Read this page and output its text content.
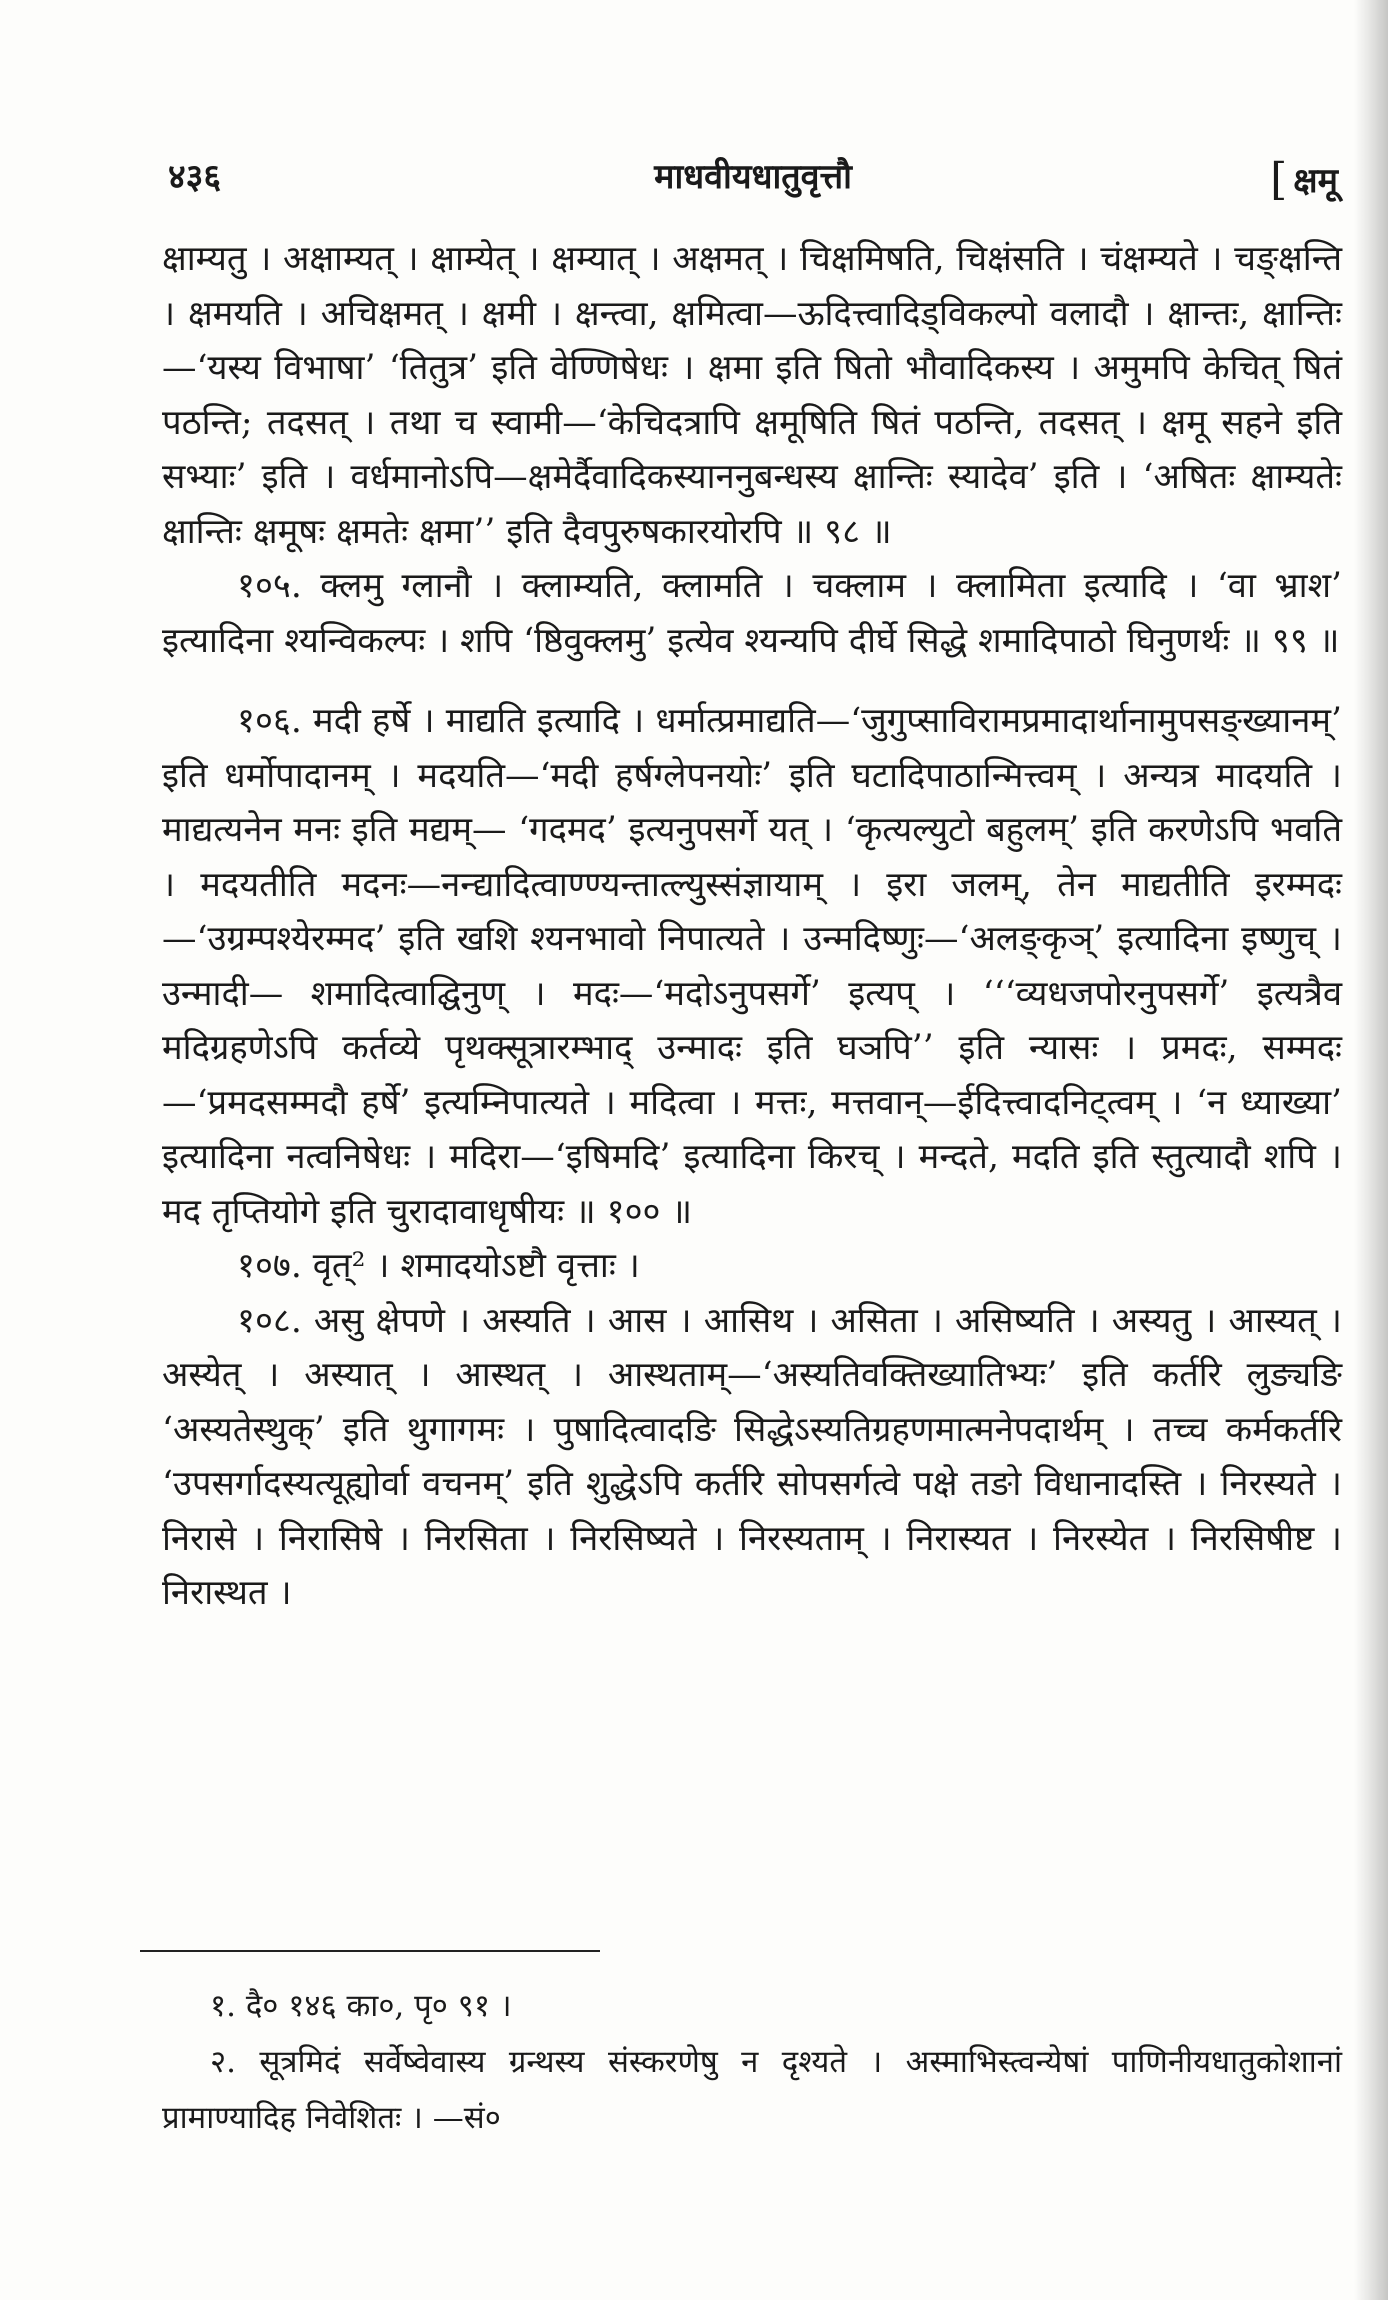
४३६	माधवीयधातुवृत्तौ	[ क्षमू

क्षाम्यतु । अक्षाम्यत् । क्षाम्येत् । क्षम्यात् । अक्षमत् । चिक्षमिषति, चिक्षंसति । चंक्षम्यते । चङ्क्षन्ति । क्षमयति । अचिक्षमत् । क्षमी । क्षन्त्वा, क्षमित्वा—ऊदित्त्वादिड्विकल्पो वलादौ । क्षान्तः, क्षान्तिः—‘यस्य विभाषा’ ‘तितुत्र’ इति वेण्णिषेधः । क्षमा इति षितो भौवादिकस्य । अमुमपि केचित् षितं पठन्ति; तदसत् । तथा च स्वामी—‘केचिदत्रापि क्षमूषिति षितं पठन्ति, तदसत् । क्षमू सहने इति सभ्याः’ इति । वर्धमानोऽपि—क्षमेर्दैवादिकस्याननुबन्धस्य क्षान्तिः स्यादेव’ इति । ‘अषितः क्षाम्यतेः क्षान्तिः क्षमूषः क्षमतेः क्षमा’’ इति दैवपुरुषकारयोरपि ॥ ९८ ॥

१०५. क्लमु ग्लानौ । क्लाम्यति, क्लामति । चक्लाम । क्लामिता इत्यादि । ‘वा भ्राश’ इत्यादिना श्यन्विकल्पः । शपि ‘ष्ठिवुक्लमु’ इत्येव श्यन्यपि दीर्घे सिद्धे शमादिपाठो घिनुणर्थः ॥ ९९ ॥

१०६. मदी हर्षे । माद्यति इत्यादि । धर्मात्प्रमाद्यति—‘जुगुप्साविरामप्रमादार्थानामुपसङ्ख्यानम्’ इति धर्मोपादानम् । मदयति—‘मदी हर्षग्लेपनयोः’ इति घटादिपाठान्मित्त्वम् । अन्यत्र मादयति । माद्यत्यनेन मनः इति मद्यम्— ‘गदमद’ इत्यनुपसर्गे यत् । ‘कृत्यल्युटो बहुलम्’ इति करणेऽपि भवति । मदयतीति मदनः—नन्द्यादित्वाण्ण्यन्तात्ल्युस्संज्ञायाम् । इरा जलम्, तेन माद्यतीति इरम्मदः—‘उग्रम्पश्येरम्मद’ इति खशि श्यनभावो निपात्यते । उन्मदिष्णुः—‘अलङ्कृञ्’ इत्यादिना इष्णुच् । उन्मादी— शमादित्वाद्घिनुण् । मदः—‘मदोऽनुपसर्गे’ इत्यप् । ‘‘‘व्यधजपोरनुपसर्गे’ इत्यत्रैव मदिग्रहणेऽपि कर्तव्ये पृथक्सूत्रारम्भाद् उन्मादः इति घञपि’’ इति न्यासः । प्रमदः, सम्मदः—‘प्रमदसम्मदौ हर्षे’ इत्यम्निपात्यते । मदित्वा । मत्तः, मत्तवान्—ईदित्त्वादनिट्त्वम् । ‘न ध्याख्या’ इत्यादिना नत्वनिषेधः । मदिरा—‘इषिमदि’ इत्यादिना किरच् । मन्दते, मदति इति स्तुत्यादौ शपि । मद तृप्तियोगे इति चुरादावाधृषीयः ॥ १०० ॥

१०७. वृत्² । शमादयोऽष्टौ वृत्ताः ।

१०८. असु क्षेपणे । अस्यति । आस । आसिथ । असिता । असिष्यति । अस्यतु । आस्यत् । अस्येत् । अस्यात् । आस्थत् । आस्थताम्—‘अस्यतिवक्तिख्यातिभ्यः’ इति कर्तरि लुङ्यङि ‘अस्यतेस्थुक्’ इति थुगागमः । पुषादित्वादङि सिद्धेऽस्यतिग्रहणमात्मनेपदार्थम् । तच्च कर्मकर्तरि ‘उपसर्गादस्यत्यूह्योर्वा वचनम्’ इति शुद्धेऽपि कर्तरि सोपसर्गत्वे पक्षे तङो विधानादस्ति । निरस्यते । निरासे । निरासिषे । निरसिता । निरसिष्यते । निरस्यताम् । निरास्यत । निरस्येत । निरसिषीष्ट । निरास्थत ।

१. दै० १४६ का०, पृ० ९१ ।

२. सूत्रमिदं सर्वेष्वेवास्य ग्रन्थस्य संस्करणेषु न दृश्यते । अस्माभिस्त्वन्येषां पाणिनीयधातुकोशानां प्रामाण्यादिह निवेशितः । —सं०
